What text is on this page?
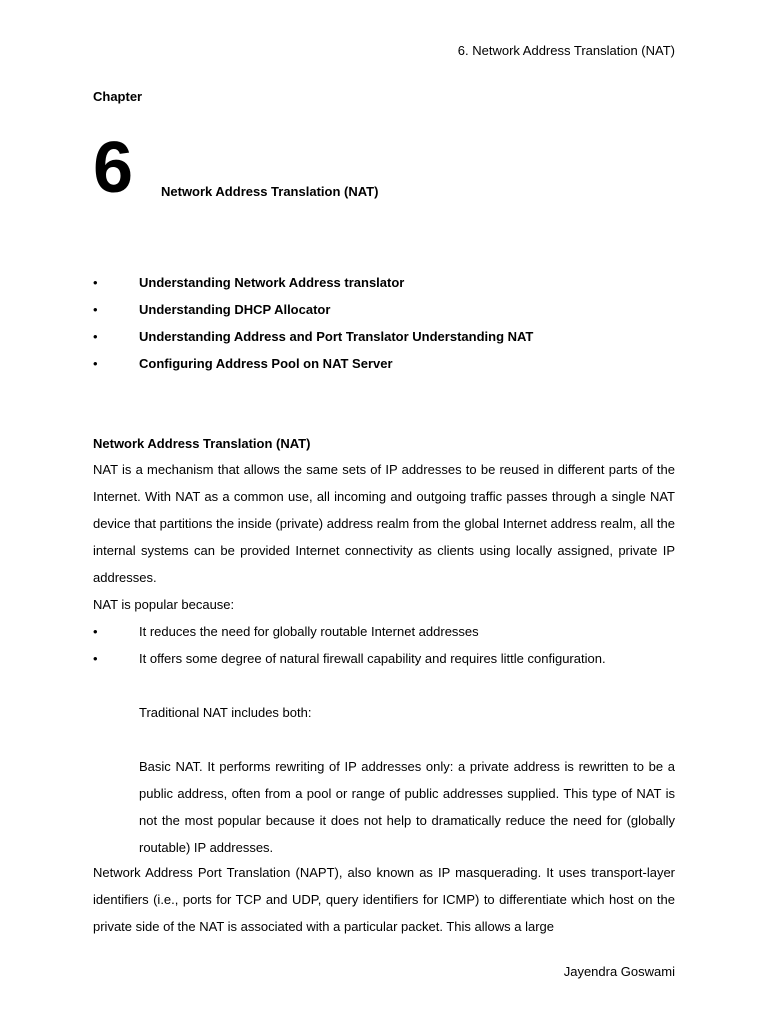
6. Network Address Translation (NAT)
Chapter
6 Network Address Translation (NAT)
•	Understanding Network Address translator
•	Understanding DHCP Allocator
•	Understanding Address and Port Translator Understanding NAT
•	Configuring Address Pool on NAT Server
Network Address Translation (NAT)

NAT is a mechanism that allows the same sets of IP addresses to be reused in different parts of the Internet. With NAT as a common use, all incoming and outgoing traffic passes through a single NAT device that partitions the inside (private) address realm from the global Internet address realm, all the internal systems can be provided Internet connectivity as clients using locally assigned, private IP addresses.

NAT is popular because:

•	It reduces the need for globally routable Internet addresses
•	It offers some degree of natural firewall capability and requires little configuration.

Traditional NAT includes both:

Basic NAT. It performs rewriting of IP addresses only: a private address is rewritten to be a public address, often from a pool or range of public addresses supplied. This type of NAT is not the most popular because it does not help to dramatically reduce the need for (globally routable) IP addresses.

Network Address Port Translation (NAPT), also known as IP masquerading. It uses transport-layer identifiers (i.e., ports for TCP and UDP, query identifiers for ICMP) to differentiate which host on the private side of the NAT is associated with a particular packet. This allows a large

Jayendra Goswami
